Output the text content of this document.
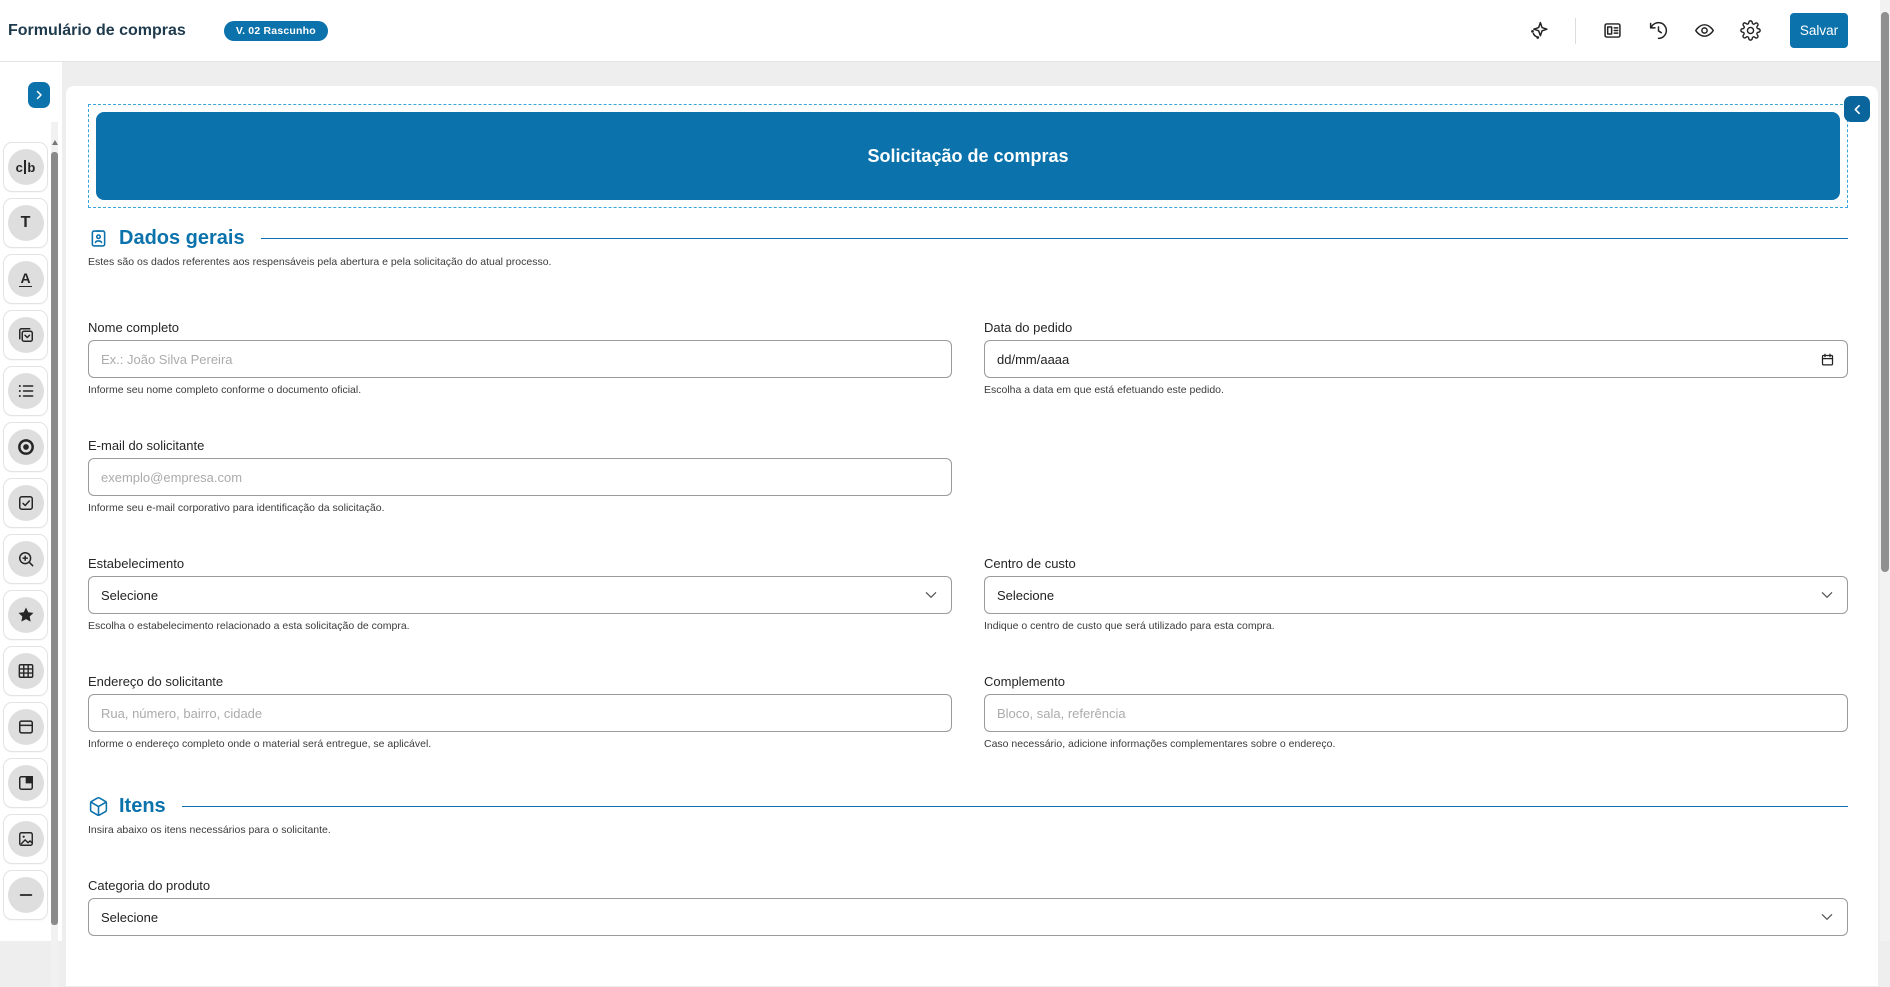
Formulário de compras	V. 02 Rascunho	Salvar
c b
T
A
Solicitação de compras
Dados gerais
Estes são os dados referentes aos respensáveis pela abertura e pela solicitação do atual processo.
Nome completo
Ex.: João Silva Pereira
Informe seu nome completo conforme o documento oficial.
Data do pedido
dd/mm/aaaa
Escolha a data em que está efetuando este pedido.
E-mail do solicitante
exemplo@empresa.com
Informe seu e-mail corporativo para identificação da solicitação.
Estabelecimento
Selecione
Escolha o estabelecimento relacionado a esta solicitação de compra.
Centro de custo
Selecione
Indique o centro de custo que será utilizado para esta compra.
Endereço do solicitante
Rua, número, bairro, cidade
Informe o endereço completo onde o material será entregue, se aplicável.
Complemento
Bloco, sala, referência
Caso necessário, adicione informações complementares sobre o endereço.
Itens
Insira abaixo os itens necessários para o solicitante.
Categoria do produto
Selecione
